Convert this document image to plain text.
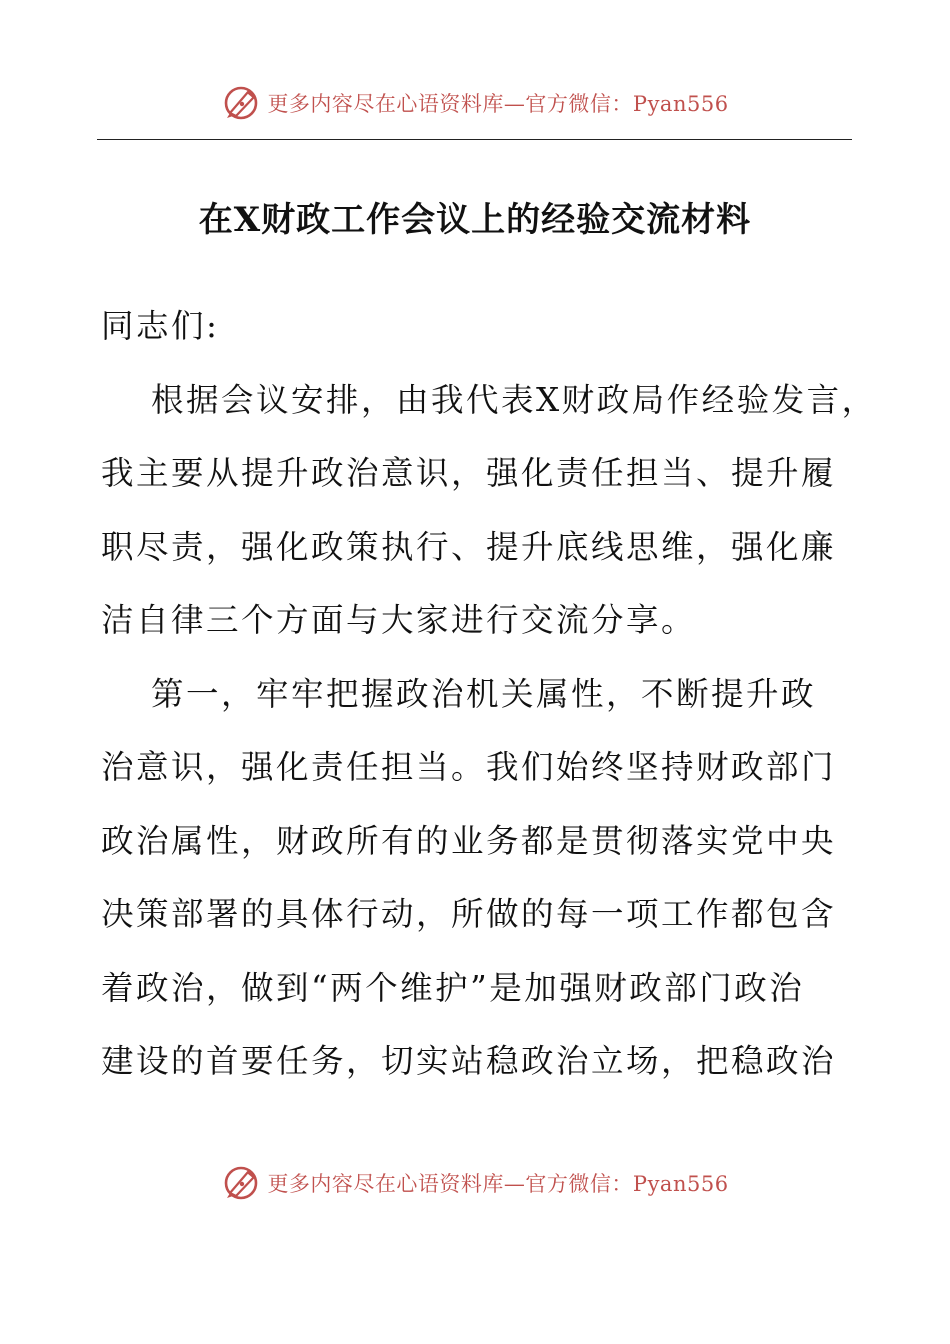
更多内容尽在心语资料库—官方微信：Pyan556
在X财政工作会议上的经验交流材料
同志们:
根据会议安排，由我代表X财政局作经验发言，
我主要从提升政治意识，强化责任担当、提升履
职尽责，强化政策执行、提升底线思维，强化廉
洁自律三个方面与大家进行交流分享。
第一，牢牢把握政治机关属性，不断提升政
治意识，强化责任担当。我们始终坚持财政部门
政治属性，财政所有的业务都是贯彻落实党中央
决策部署的具体行动，所做的每一项工作都包含
着政治，做到“两个维护”是加强财政部门政治
建设的首要任务，切实站稳政治立场，把稳政治
更多内容尽在心语资料库—官方微信：Pyan556
